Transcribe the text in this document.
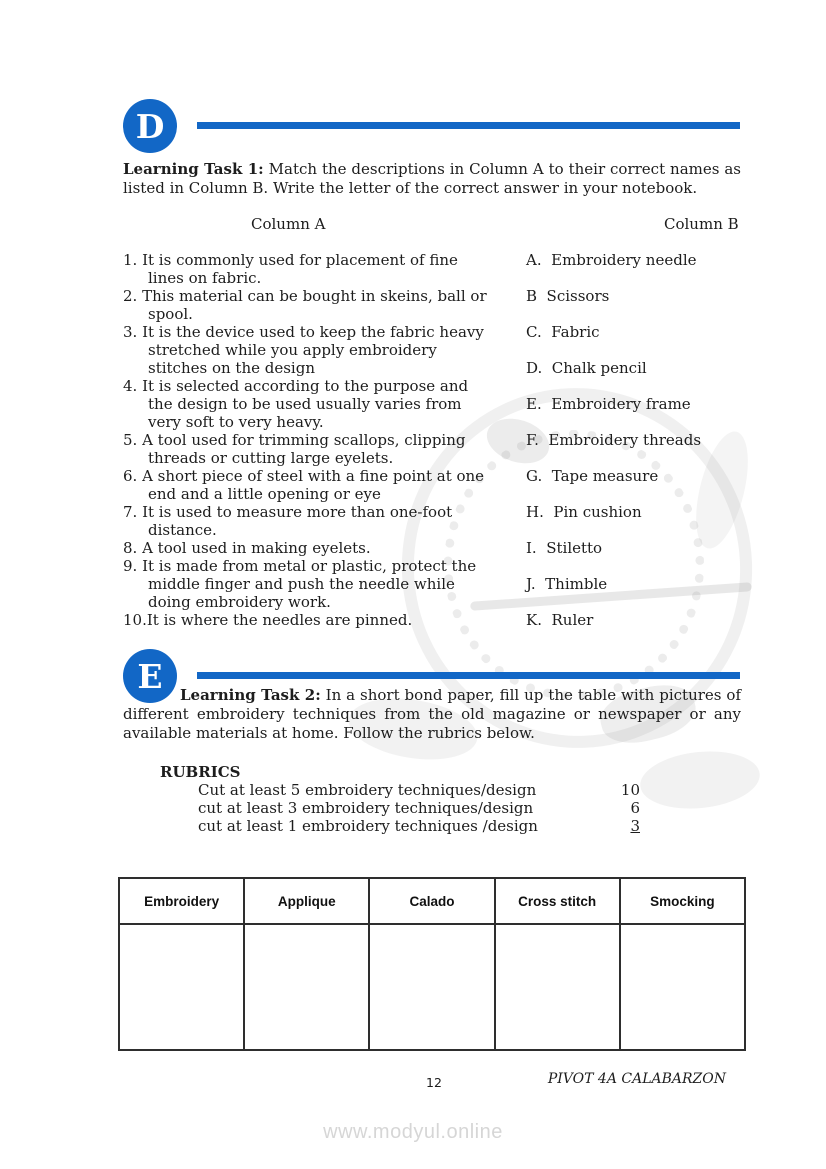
D

Learning Task 1: Match the descriptions in Column A to their correct names as listed in Column B. Write the letter of the correct answer in your notebook.

Column A	Column B
1. It is commonly used for placement of fine lines on fabric.
2. This material can be bought in skeins, ball or spool.
3. It is the device used to keep the fabric heavy stretched while you apply embroidery stitches on the design
4. It is selected according to the purpose and the design to be used usually varies from very soft to very heavy.
5. A tool used for trimming scallops, clipping threads or cutting large eyelets.
6. A short piece of steel with a fine point at one end and a little opening or eye
7. It is used to measure more than one-foot distance.
8. A tool used in making eyelets.
9. It is made from metal or plastic, protect the middle finger and push the needle while doing embroidery work.
10.It is where the needles are pinned.
A.  Embroidery needle
B  Scissors
C.  Fabric
D.  Chalk pencil
E.  Embroidery frame
F.  Embroidery threads
G.  Tape measure
H.  Pin cushion
I.  Stiletto
J.  Thimble
K.  Ruler
E	Learning Task 2: In a short bond paper, fill up the table with pictures of different embroidery techniques from the old magazine or newspaper or any available materials at home. Follow the rubrics below.

RUBRICS
Cut at least 5 embroidery techniques/design	10
cut at least 3 embroidery techniques/design	6
cut at least 1 embroidery techniques /design	3
Embroidery	Applique	Calado	Cross stitch	Smocking

12	PIVOT 4A CALABARZON
www.modyul.online
